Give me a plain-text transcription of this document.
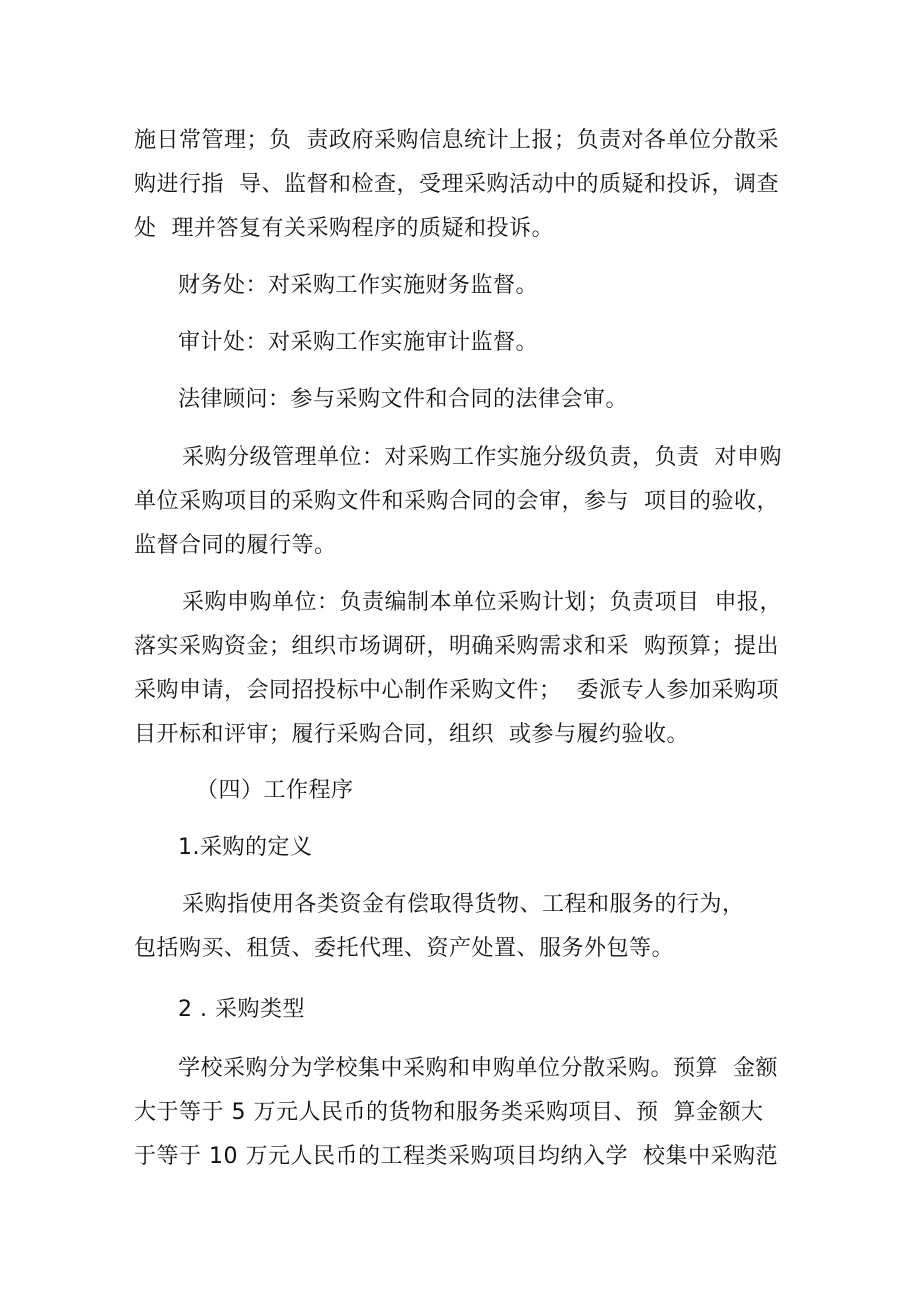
施日常管理；负  责政府采购信息统计上报；负责对各单位分散采
购进行指  导、监督和检查，受理采购活动中的质疑和投诉，调查
处  理并答复有关采购程序的质疑和投诉。
财务处：对采购工作实施财务监督。
审计处：对采购工作实施审计监督。
法律顾问：参与采购文件和合同的法律会审。
采购分级管理单位：对采购工作实施分级负责，负责  对申购
单位采购项目的采购文件和采购合同的会审，参与  项目的验收，
监督合同的履行等。
采购申购单位：负责编制本单位采购计划；负责项目  申报，
落实采购资金；组织市场调研，明确采购需求和采  购预算；提出
采购申请，会同招投标中心制作采购文件；  委派专人参加采购项
目开标和评审；履行采购合同，组织  或参与履约验收。
（四）工作程序
1.采购的定义
采购指使用各类资金有偿取得货物、工程和服务的行为，
包括购买、租赁、委托代理、资产处置、服务外包等。
2 . 采购类型
学校采购分为学校集中采购和申购单位分散采购。预算  金额
大于等于 5 万元人民币的货物和服务类采购项目、预  算金额大
于等于 10 万元人民币的工程类采购项目均纳入学  校集中采购范
